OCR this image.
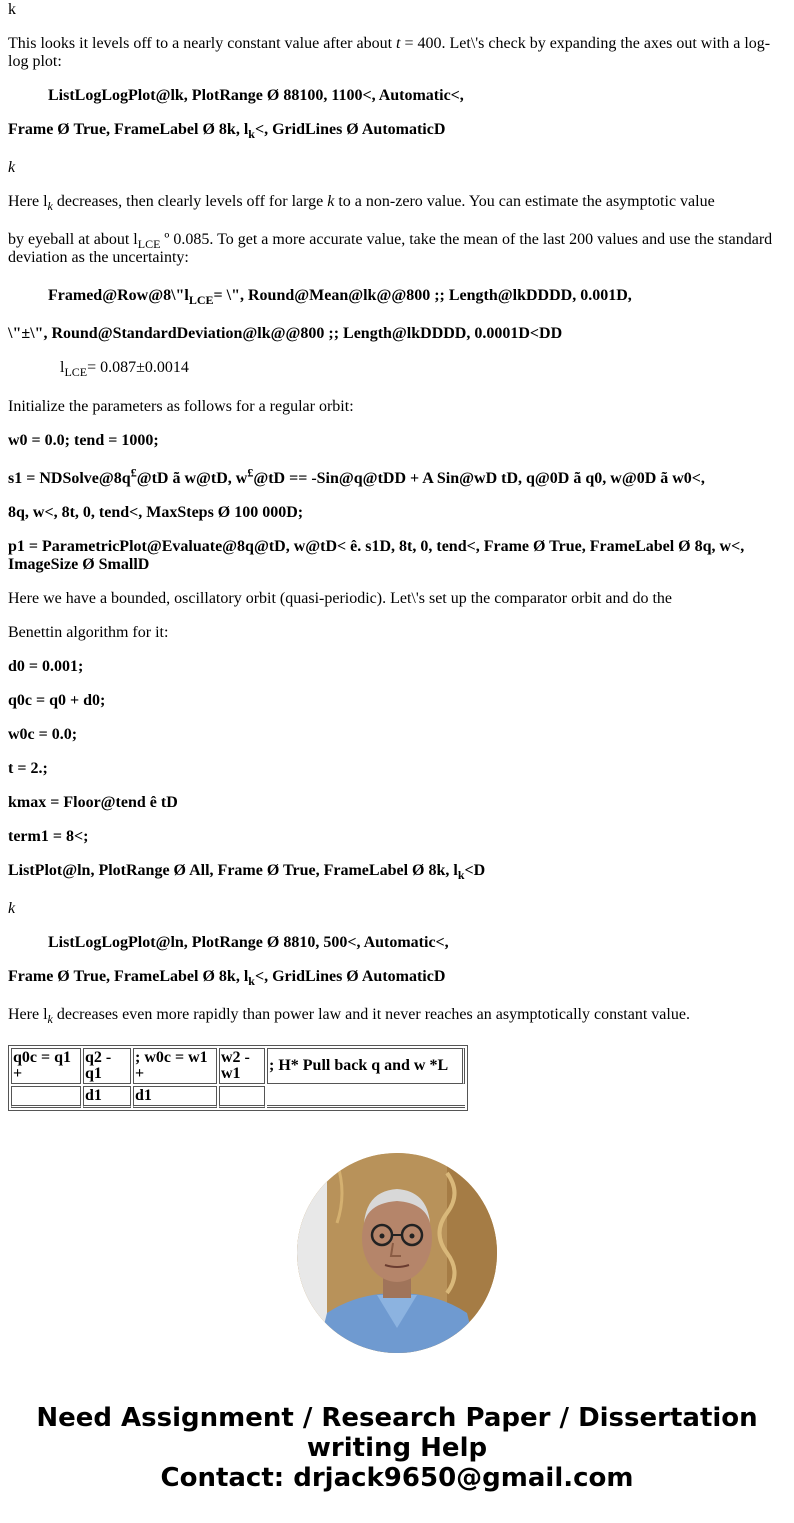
k

This looks it levels off to a nearly constant value after about t = 400. Let\'s check by expanding the axes out with a log-log plot:

ListLogLogPlot@lk, PlotRange Ø 88100, 1100<, Automatic<,

Frame Ø True, FrameLabel Ø 8k, $l_k<$, GridLines Ø AutomaticD

k

Here $l_k$ decreases, then clearly levels off for large k to a non-zero value. You can estimate the asymptotic value

by eyeball at about $l_{LCE}$ º 0.085. To get a more accurate value, take the mean of the last 200 values and use the standard deviation as the uncertainty:

$Framed@Row@8\backslash"l_{LCE}=$ \", Round@Mean@lk@@800 ;; Length@lkDDDD, 0.001D,

\"±\", Round@StandardDeviation@lk@@800 ;; Length@lkDDDD, 0.0001D<DD

$l_{LCE}= 0.087\pm 0.0014$

Initialize the parameters as follows for a regular orbit:

w0 = 0.0; tend = 1000;

s1 = NDSolve@8q£@tD ã w@tD, w£@tD == -Sin@q@tDD + A Sin@wD tD, q@0D ã q0, w@0D ã w0<,

8q, w<, 8t, 0, tend<, MaxSteps Ø 100 000D;

p1 = ParametricPlot@Evaluate@8q@tD, w@tD< ê. s1D, 8t, 0, tend<, Frame Ø True, FrameLabel Ø 8q, w<, ImageSize Ø SmallD

Here we have a bounded, oscillatory orbit (quasi-periodic). Let\'s set up the comparator orbit and do the

Benettin algorithm for it:

d0 = 0.001;

q0c = q0 + d0;

w0c = 0.0;

t = 2.;

kmax = Floor@tend ê tD

term1 = 8<;

ListPlot@ln, PlotRange Ø All, Frame Ø True, FrameLabel Ø 8k, $l_k<D$

k

ListLogLogPlot@ln, PlotRange Ø 8810, 500<, Automatic<,

Frame Ø True, FrameLabel Ø 8k, $l_k<$, GridLines Ø AutomaticD

Here $l_k$ decreases even more rapidly than power law and it never reaches an asymptotically constant value.

q0c = q1 +	q2 - q1	; w0c = w1 +	w2 - w1	; H* Pull back q and w *L
	d1	d1		
Need Assignment / Research Paper / Dissertation
writing Help
Contact: drjack9650@gmail.com
